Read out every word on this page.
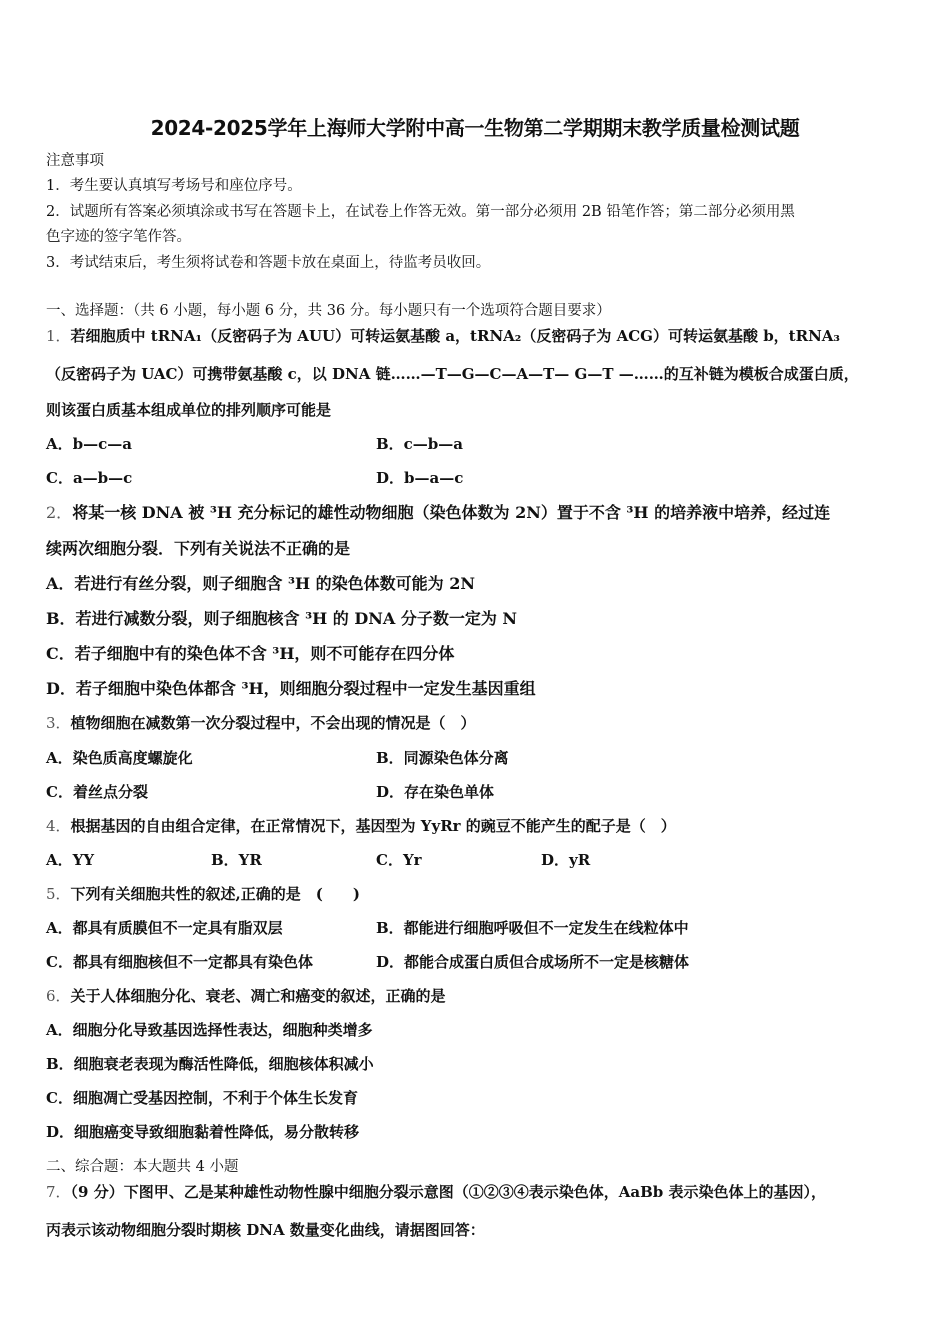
2024-2025学年上海师大学附中高一生物第二学期期末教学质量检测试题
注意事项
1．考生要认真填写考场号和座位序号。
2．试题所有答案必须填涂或书写在答题卡上，在试卷上作答无效。第一部分必须用 2B 铅笔作答；第二部分必须用黑
色字迹的签字笔作答。
3．考试结束后，考生须将试卷和答题卡放在桌面上，待监考员收回。
一、选择题：（共 6 小题，每小题 6 分，共 36 分。每小题只有一个选项符合题目要求）
1．若细胞质中 tRNA₁（反密码子为 AUU）可转运氨基酸 a，tRNA₂（反密码子为 ACG）可转运氨基酸 b，tRNA₃
（反密码子为 UAC）可携带氨基酸 c，以 DNA 链……—T—G—C—A—T— G—T —……的互补链为模板合成蛋白质，
则该蛋白质基本组成单位的排列顺序可能是
A．b—c—a	B．c—b—a
C．a—b—c	D．b—a—c
2．将某一核 DNA 被 ³H 充分标记的雄性动物细胞（染色体数为 2N）置于不含 ³H 的培养液中培养，经过连
续两次细胞分裂．下列有关说法不正确的是
A．若进行有丝分裂，则子细胞含 ³H 的染色体数可能为 2N
B．若进行减数分裂，则子细胞核含 ³H 的 DNA 分子数一定为 N
C．若子细胞中有的染色体不含 ³H，则不可能存在四分体
D．若子细胞中染色体都含 ³H，则细胞分裂过程中一定发生基因重组
3．植物细胞在减数第一次分裂过程中，不会出现的情况是（　）
A．染色质高度螺旋化	B．同源染色体分离
C．着丝点分裂	D．存在染色单体
4．根据基因的自由组合定律，在正常情况下，基因型为 YyRr 的豌豆不能产生的配子是（　）
A．YY	B．YR	C．Yr	D．yR
5．下列有关细胞共性的叙述,正确的是　(　　)
A．都具有质膜但不一定具有脂双层	B．都能进行细胞呼吸但不一定发生在线粒体中
C．都具有细胞核但不一定都具有染色体	D．都能合成蛋白质但合成场所不一定是核糖体
6．关于人体细胞分化、衰老、凋亡和癌变的叙述，正确的是
A．细胞分化导致基因选择性表达，细胞种类增多
B．细胞衰老表现为酶活性降低，细胞核体积减小
C．细胞凋亡受基因控制，不利于个体生长发育
D．细胞癌变导致细胞黏着性降低，易分散转移
二、综合题：本大题共 4 小题
7．（9 分）下图甲、乙是某种雄性动物性腺中细胞分裂示意图（①②③④表示染色体，AaBb 表示染色体上的基因），
丙表示该动物细胞分裂时期核 DNA 数量变化曲线，请据图回答：
